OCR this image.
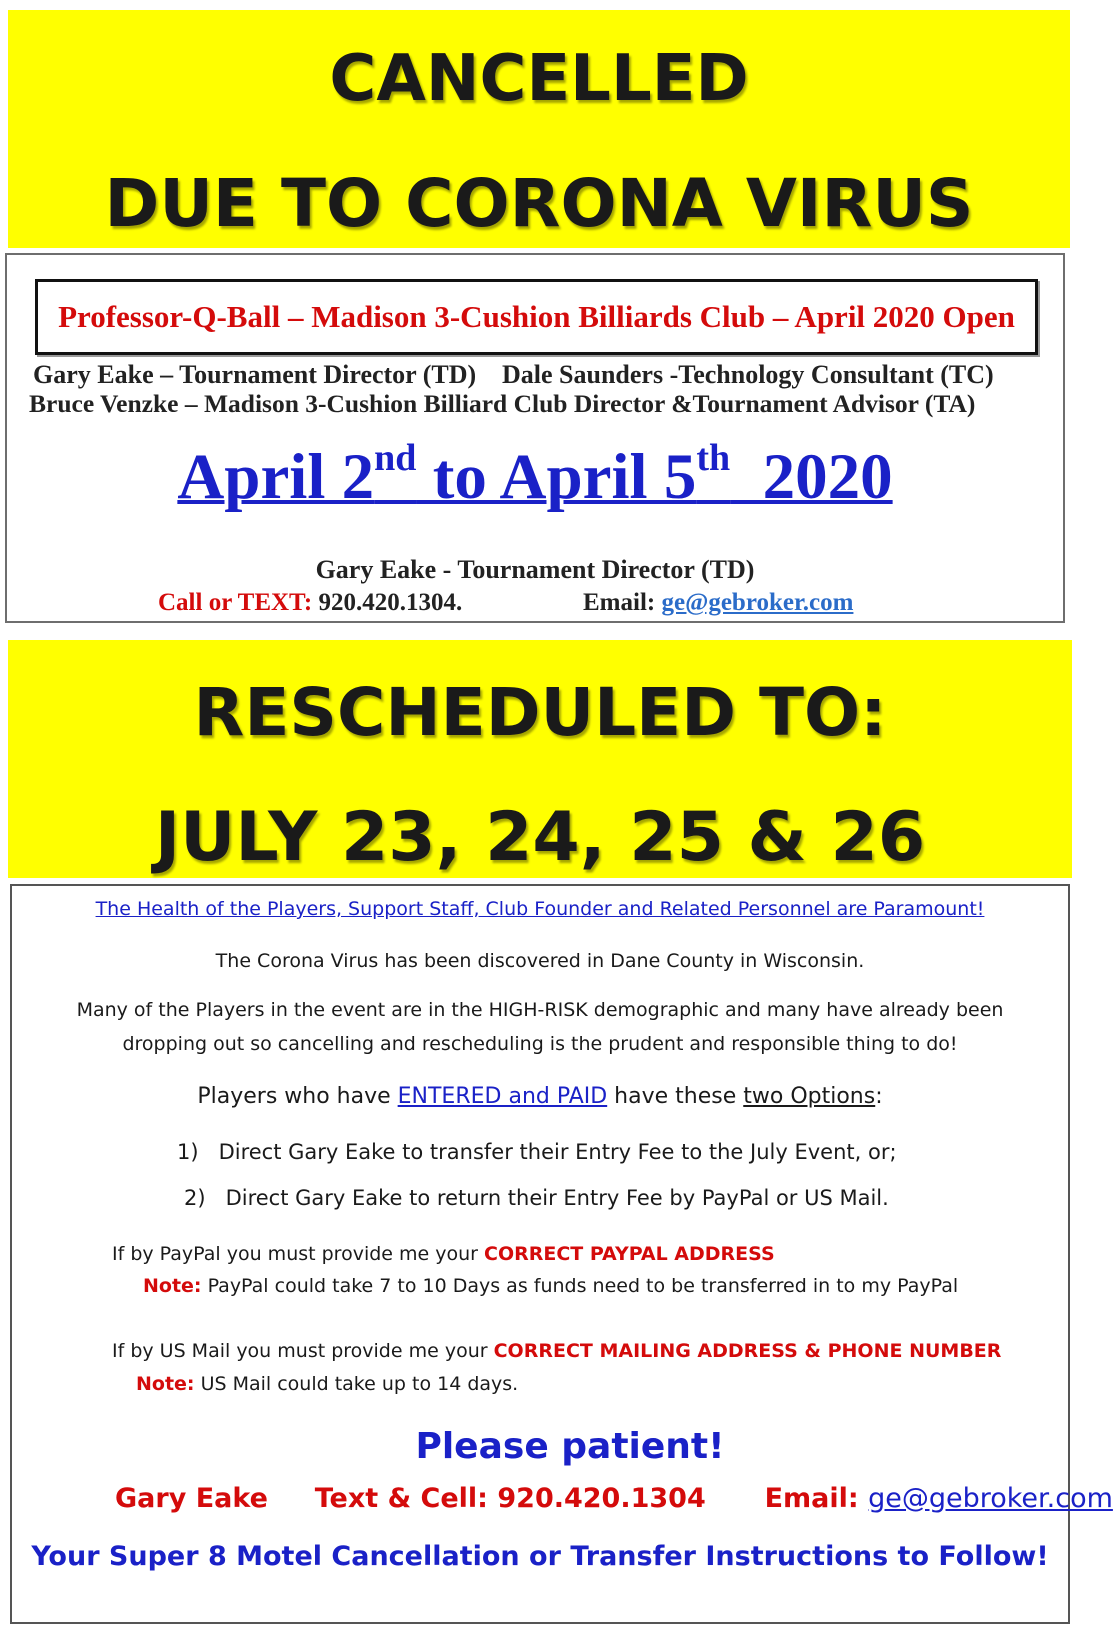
CANCELLED
DUE TO CORONA VIRUS
Professor-Q-Ball – Madison 3-Cushion Billiards Club – April 2020 Open
Gary Eake – Tournament Director (TD) Dale Saunders -Technology Consultant (TC)
Bruce Venzke – Madison 3-Cushion Billiard Club Director &Tournament Advisor (TA)
April 2nd to April 5th  2020
Gary Eake - Tournament Director (TD)
Call or TEXT: 920.420.1304.	Email: ge@gebroker.com
RESCHEDULED TO:
JULY 23, 24, 25 & 26
The Health of the Players, Support Staff, Club Founder and Related Personnel are Paramount!
The Corona Virus has been discovered in Dane County in Wisconsin.
Many of the Players in the event are in the HIGH-RISK demographic and many have already been
dropping out so cancelling and rescheduling is the prudent and responsible thing to do!
Players who have ENTERED and PAID have these two Options:
1)   Direct Gary Eake to transfer their Entry Fee to the July Event, or;
2)   Direct Gary Eake to return their Entry Fee by PayPal or US Mail.
If by PayPal you must provide me your CORRECT PAYPAL ADDRESS
Note: PayPal could take 7 to 10 Days as funds need to be transferred in to my PayPal
If by US Mail you must provide me your CORRECT MAILING ADDRESS & PHONE NUMBER
Note: US Mail could take up to 14 days.
Please patient!
Gary Eake Text & Cell: 920.420.1304 Email: ge@gebroker.com
Your Super 8 Motel Cancellation or Transfer Instructions to Follow!
